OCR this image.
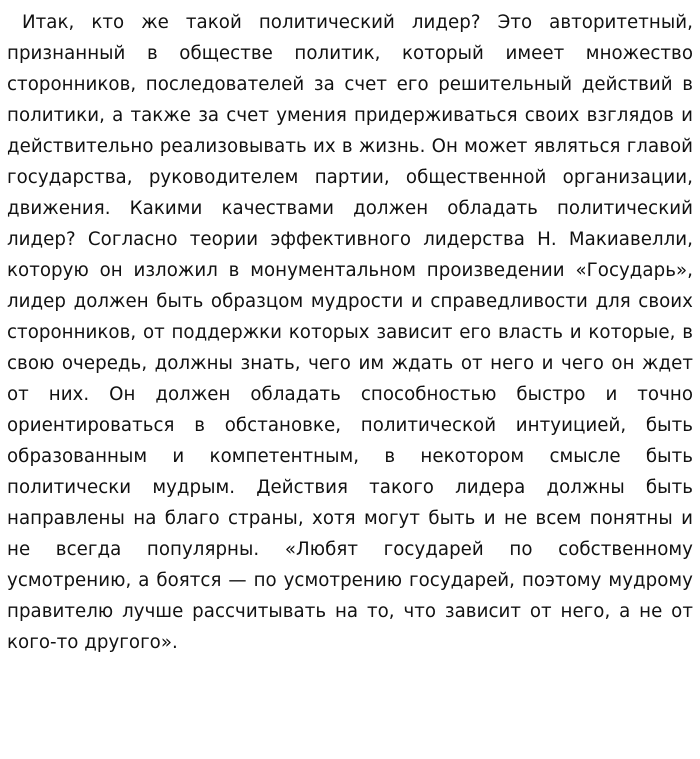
Итак, кто же такой политический лидер? Это авторитетный, признанный в обществе политик, который имеет множество сторонников, последователей за счет его решительный действий в политики, а также за счет умения придерживаться своих взглядов и действительно реализовывать их в жизнь. Он может являться главой государства, руководителем партии, общественной организации, движения. Какими качествами должен обладать политический лидер? Согласно теории эффективного лидерства Н. Макиавелли, которую он изложил в монументальном произведении «Государь», лидер должен быть образцом мудрости и справедливости для своих сторонников, от поддержки которых зависит его власть и которые, в свою очередь, должны знать, чего им ждать от него и чего он ждет от них. Он должен обладать способностью быстро и точно ориентироваться в обстановке, политической интуицией, быть образованным и компетентным, в некотором смысле быть политически мудрым. Действия такого лидера должны быть направлены на благо страны, хотя могут быть и не всем понятны и не всегда популярны. «Любят государей по собственному усмотрению, а боятся — по усмотрению государей, поэтому мудрому правителю лучше рассчитывать на то, что зависит от него, а не от кого-то другого».
